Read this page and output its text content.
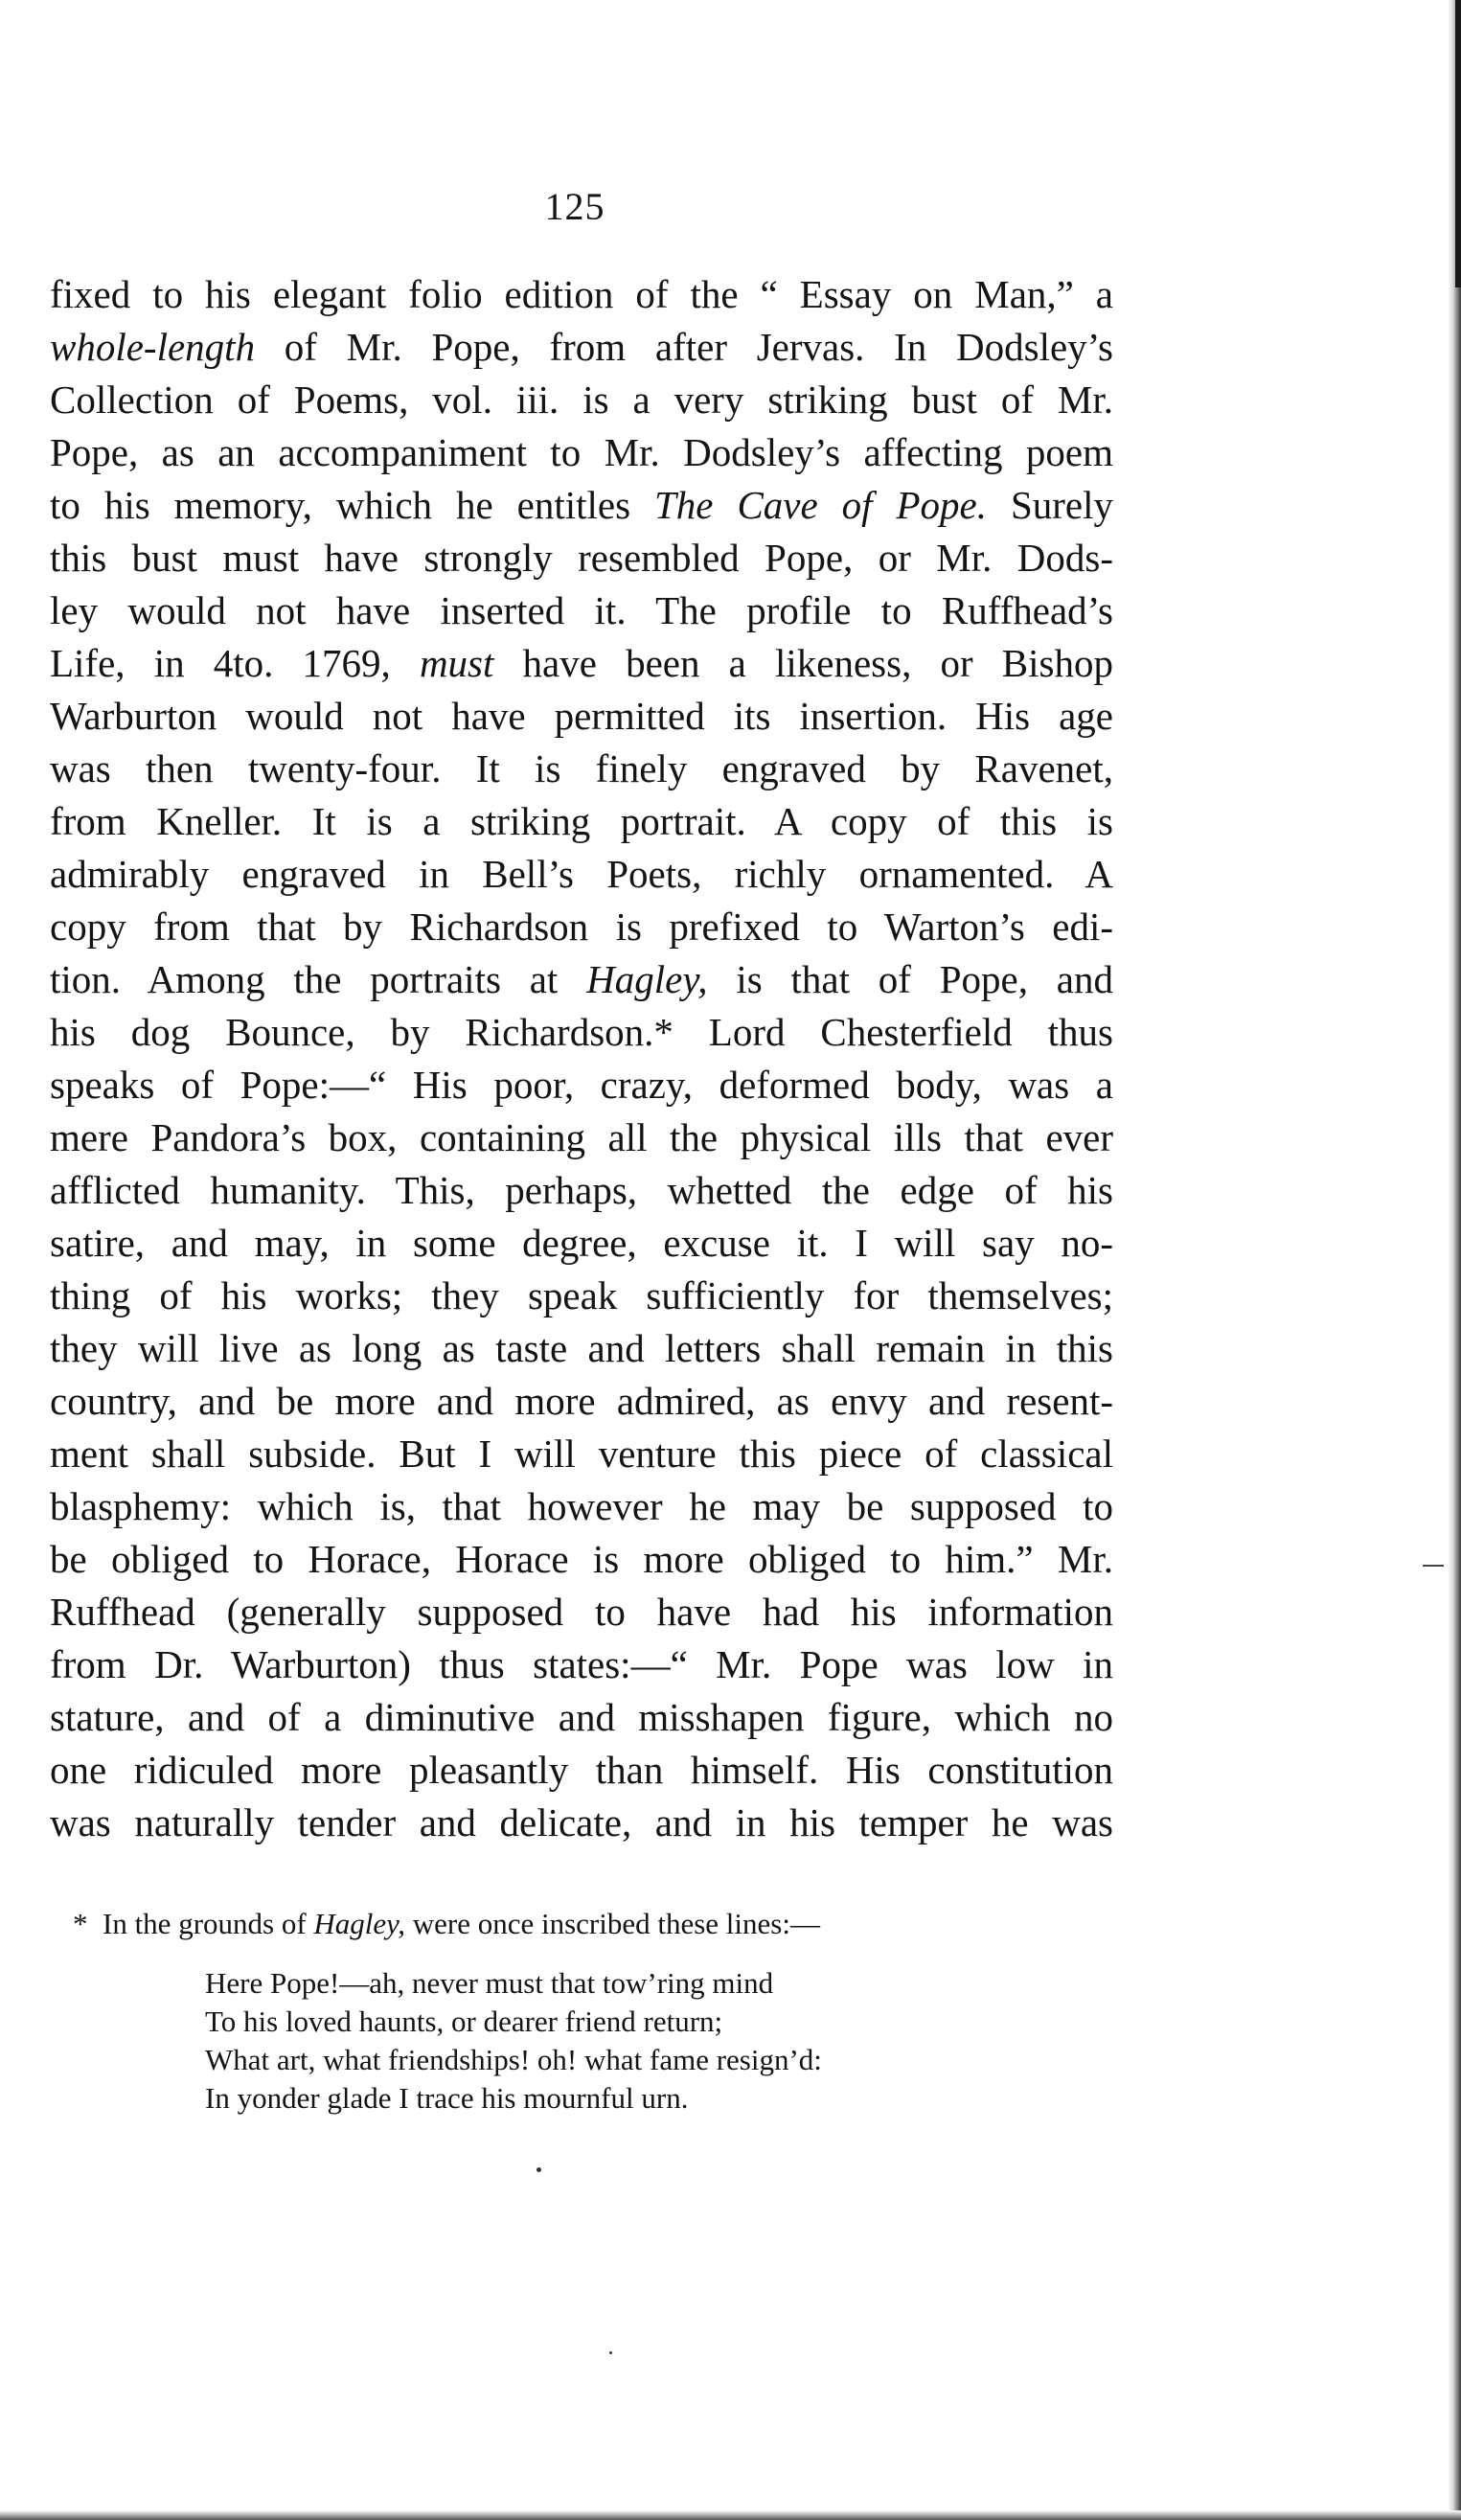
125
fixed to his elegant folio edition of the “ Essay on Man,” a
whole-length of Mr. Pope, from after Jervas. In Dodsley’s
Collection of Poems, vol. iii. is a very striking bust of Mr.
Pope, as an accompaniment to Mr. Dodsley’s affecting poem
to his memory, which he entitles The Cave of Pope. Surely
this bust must have strongly resembled Pope, or Mr. Dods-
ley would not have inserted it. The profile to Ruffhead’s
Life, in 4to. 1769, must have been a likeness, or Bishop
Warburton would not have permitted its insertion. His age
was then twenty-four. It is finely engraved by Ravenet,
from Kneller. It is a striking portrait. A copy of this is
admirably engraved in Bell’s Poets, richly ornamented. A
copy from that by Richardson is prefixed to Warton’s edi-
tion. Among the portraits at Hagley, is that of Pope, and
his dog Bounce, by Richardson.* Lord Chesterfield thus
speaks of Pope:—“ His poor, crazy, deformed body, was a
mere Pandora’s box, containing all the physical ills that ever
afflicted humanity. This, perhaps, whetted the edge of his
satire, and may, in some degree, excuse it. I will say no-
thing of his works; they speak sufficiently for themselves;
they will live as long as taste and letters shall remain in this
country, and be more and more admired, as envy and resent-
ment shall subside. But I will venture this piece of classical
blasphemy: which is, that however he may be supposed to
be obliged to Horace, Horace is more obliged to him.” Mr.
Ruffhead (generally supposed to have had his information
from Dr. Warburton) thus states:—“ Mr. Pope was low in
stature, and of a diminutive and misshapen figure, which no
one ridiculed more pleasantly than himself. His constitution
was naturally tender and delicate, and in his temper he was
* In the grounds of Hagley, were once inscribed these lines:—
Here Pope!—ah, never must that tow’ring mind
To his loved haunts, or dearer friend return;
What art, what friendships! oh! what fame resign’d:
In yonder glade I trace his mournful urn.
